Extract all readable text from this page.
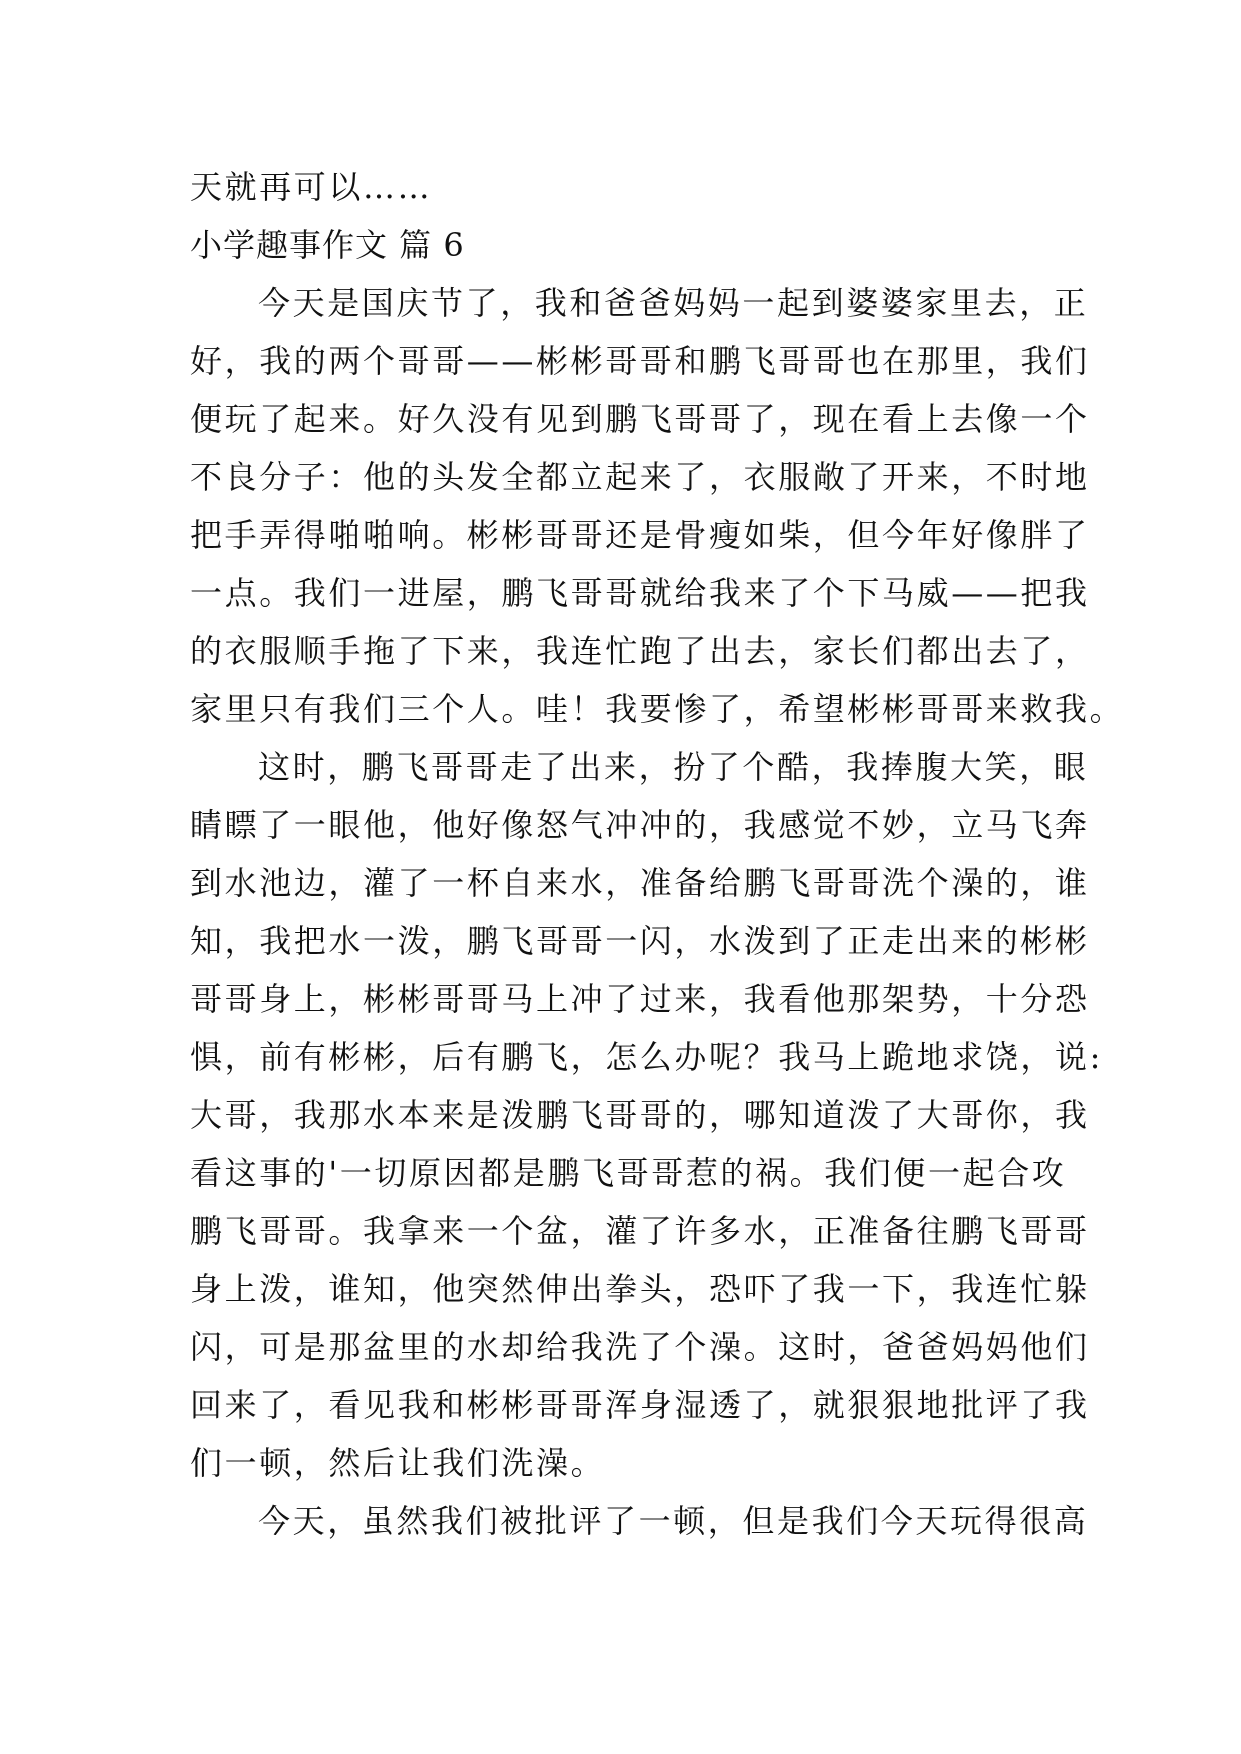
天就再可以……
小学趣事作文 篇 6
今天是国庆节了，我和爸爸妈妈一起到婆婆家里去，正
好，我的两个哥哥——彬彬哥哥和鹏飞哥哥也在那里，我们
便玩了起来。好久没有见到鹏飞哥哥了，现在看上去像一个
不良分子：他的头发全都立起来了，衣服敞了开来，不时地
把手弄得啪啪响。彬彬哥哥还是骨瘦如柴，但今年好像胖了
一点。我们一进屋，鹏飞哥哥就给我来了个下马威——把我
的衣服顺手拖了下来，我连忙跑了出去，家长们都出去了，
家里只有我们三个人。哇！我要惨了，希望彬彬哥哥来救我。
这时，鹏飞哥哥走了出来，扮了个酷，我捧腹大笑，眼
睛瞟了一眼他，他好像怒气冲冲的，我感觉不妙，立马飞奔
到水池边，灌了一杯自来水，准备给鹏飞哥哥洗个澡的，谁
知，我把水一泼，鹏飞哥哥一闪，水泼到了正走出来的彬彬
哥哥身上，彬彬哥哥马上冲了过来，我看他那架势，十分恐
惧，前有彬彬，后有鹏飞，怎么办呢？我马上跪地求饶，说:
大哥，我那水本来是泼鹏飞哥哥的，哪知道泼了大哥你，我
看这事的'一切原因都是鹏飞哥哥惹的祸。我们便一起合攻
鹏飞哥哥。我拿来一个盆，灌了许多水，正准备往鹏飞哥哥
身上泼，谁知，他突然伸出拳头，恐吓了我一下，我连忙躲
闪，可是那盆里的水却给我洗了个澡。这时，爸爸妈妈他们
回来了，看见我和彬彬哥哥浑身湿透了，就狠狠地批评了我
们一顿，然后让我们洗澡。
今天，虽然我们被批评了一顿，但是我们今天玩得很高
